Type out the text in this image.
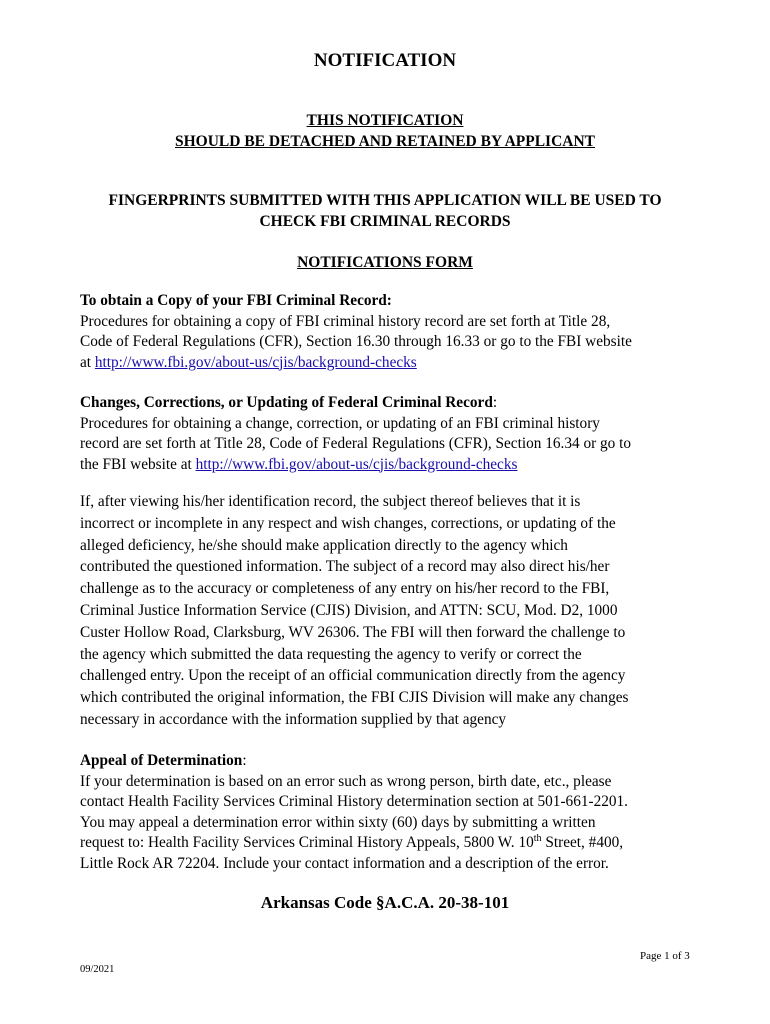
NOTIFICATION
THIS NOTIFICATION
SHOULD BE DETACHED AND RETAINED BY APPLICANT
FINGERPRINTS SUBMITTED WITH THIS APPLICATION WILL BE USED TO
CHECK FBI CRIMINAL RECORDS
NOTIFICATIONS FORM
To obtain a Copy of your FBI Criminal Record:
Procedures for obtaining a copy of FBI criminal history record are set forth at Title 28,
Code of Federal Regulations (CFR), Section 16.30 through 16.33 or go to the FBI website
at http://www.fbi.gov/about-us/cjis/background-checks
Changes, Corrections, or Updating of Federal Criminal Record:
Procedures for obtaining a change, correction, or updating of an FBI criminal history
record are set forth at Title 28, Code of Federal Regulations (CFR), Section 16.34 or go to
the FBI website at http://www.fbi.gov/about-us/cjis/background-checks
If, after viewing his/her identification record, the subject thereof believes that it is
incorrect or incomplete in any respect and wish changes, corrections, or updating of the
alleged deficiency, he/she should make application directly to the agency which
contributed the questioned information. The subject of a record may also direct his/her
challenge as to the accuracy or completeness of any entry on his/her record to the FBI,
Criminal Justice Information Service (CJIS) Division, and ATTN: SCU, Mod. D2, 1000
Custer Hollow Road, Clarksburg, WV 26306. The FBI will then forward the challenge to
the agency which submitted the data requesting the agency to verify or correct the
challenged entry. Upon the receipt of an official communication directly from the agency
which contributed the original information, the FBI CJIS Division will make any changes
necessary in accordance with the information supplied by that agency
Appeal of Determination:
If your determination is based on an error such as wrong person, birth date, etc., please
contact Health Facility Services Criminal History determination section at 501-661-2201.
You may appeal a determination error within sixty (60) days by submitting a written
request to: Health Facility Services Criminal History Appeals, 5800 W. 10th Street, #400,
Little Rock AR 72204. Include your contact information and a description of the error.
Arkansas Code §A.C.A. 20-38-101
Page 1 of 3
09/2021
